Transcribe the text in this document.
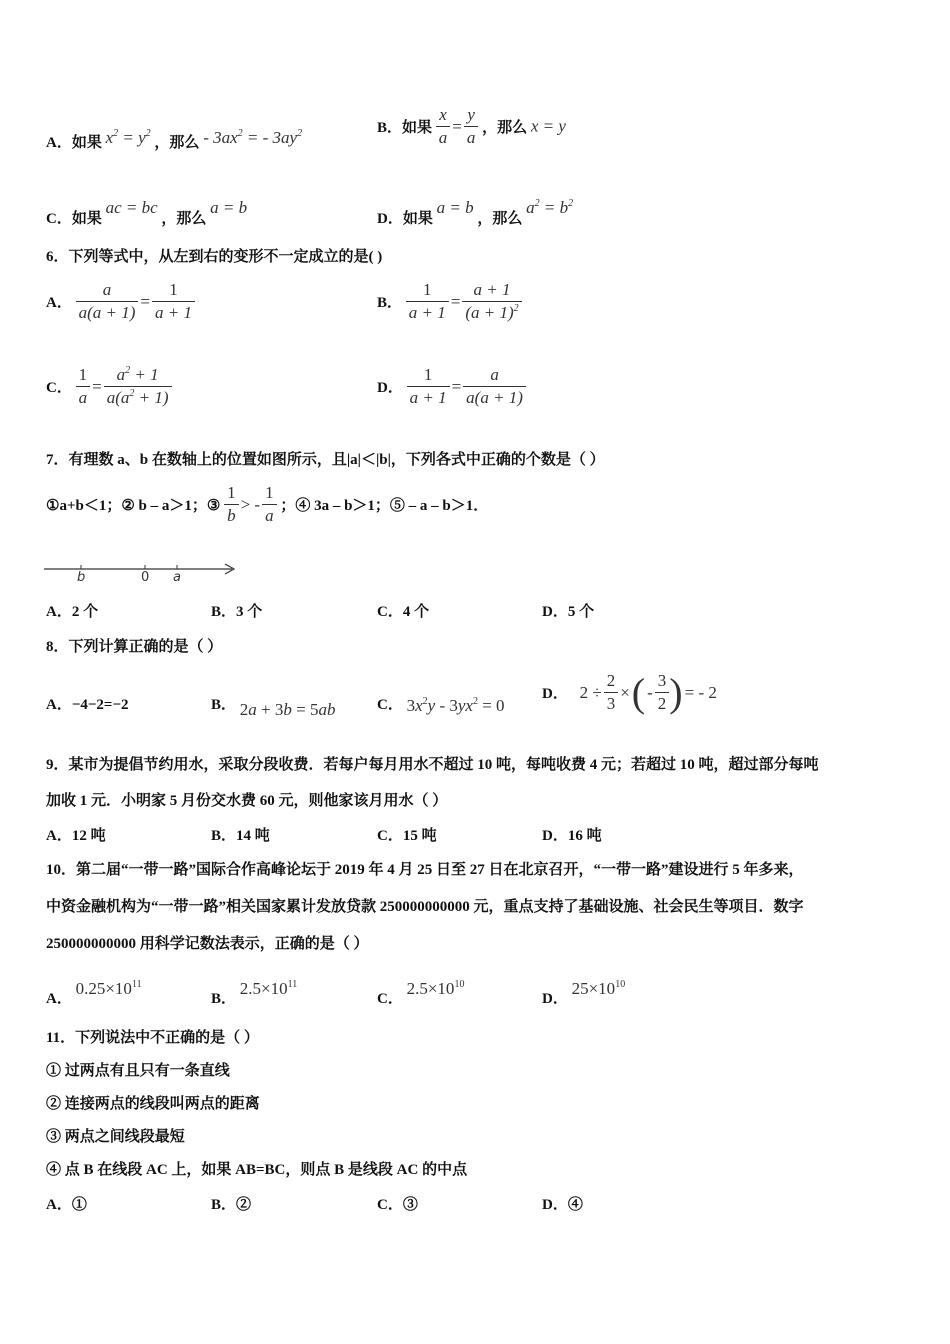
A．如果 $x^2 = y^2$ ，那么 - $3ax^2$ = - $3ay^2$	B．如果 $\frac{x}{a} = \frac{y}{a}$ ，那么 x = y
C．如果 ac = bc ，那么 a = b
D．如果 a = b ，那么 $a^2 = b^2$
6．下列等式中，从左到右的变形不一定成立的是( )
A． $\frac{a}{a(a + 1)} = \frac{1}{a + 1}$	B． $\frac{1}{a + 1} = \frac{a + 1}{(a + 1)^2}$
C． $\frac{1}{a} = \frac{a^2 + 1}{a(a^2 + 1)}$	D． $\frac{1}{a + 1} = \frac{a}{a(a + 1)}$
7．有理数 a、b 在数轴上的位置如图所示，且|a|＜|b|，下列各式中正确的个数是（ ）
①a+b＜1；② b – a＞1；③ $\frac{1}{b}$ > - $\frac{1}{a}$ ；④ 3a – b＞1；⑤ – a – b＞1．
b	0 a
A．2 个	B．3 个	C．4 个	D．5 个
8．下列计算正确的是（ ）
A．−4−2=−2	B． 2a + 3b = 5ab	C． $3x^2y - 3yx^2 = 0$
D． $2 \div \frac{2}{3}$ ×( - $\frac{3}{2}$ ) = - 2
9．某市为提倡节约用水，采取分段收费．若每户每月用水不超过 10 吨，每吨收费 4 元；若超过 10 吨，超过部分每吨
加收 1 元．小明家 5 月份交水费 60 元，则他家该月用水（ ）
A．12 吨	B．14 吨	C．15 吨	D．16 吨
10．第二届“一带一路”国际合作高峰论坛于 2019 年 4 月 25 日至 27 日在北京召开，“一带一路”建设进行 5 年多来，
中资金融机构为“一带一路”相关国家累计发放贷款 250000000000 元，重点支持了基础设施、社会民生等项目．数字
250000000000 用科学记数法表示，正确的是（ ）
A． $0.25\times 10^{11}$
B． $2.5\times 10^{11}$
C． $2.5\times 10^{10}$
D． $25\times 10^{10}$
11．下列说法中不正确的是（ ）
① 过两点有且只有一条直线
② 连接两点的线段叫两点的距离
③ 两点之间线段最短
④ 点 B 在线段 AC 上，如果 AB=BC，则点 B 是线段 AC 的中点
A．①	B．②	C．③	D．④
